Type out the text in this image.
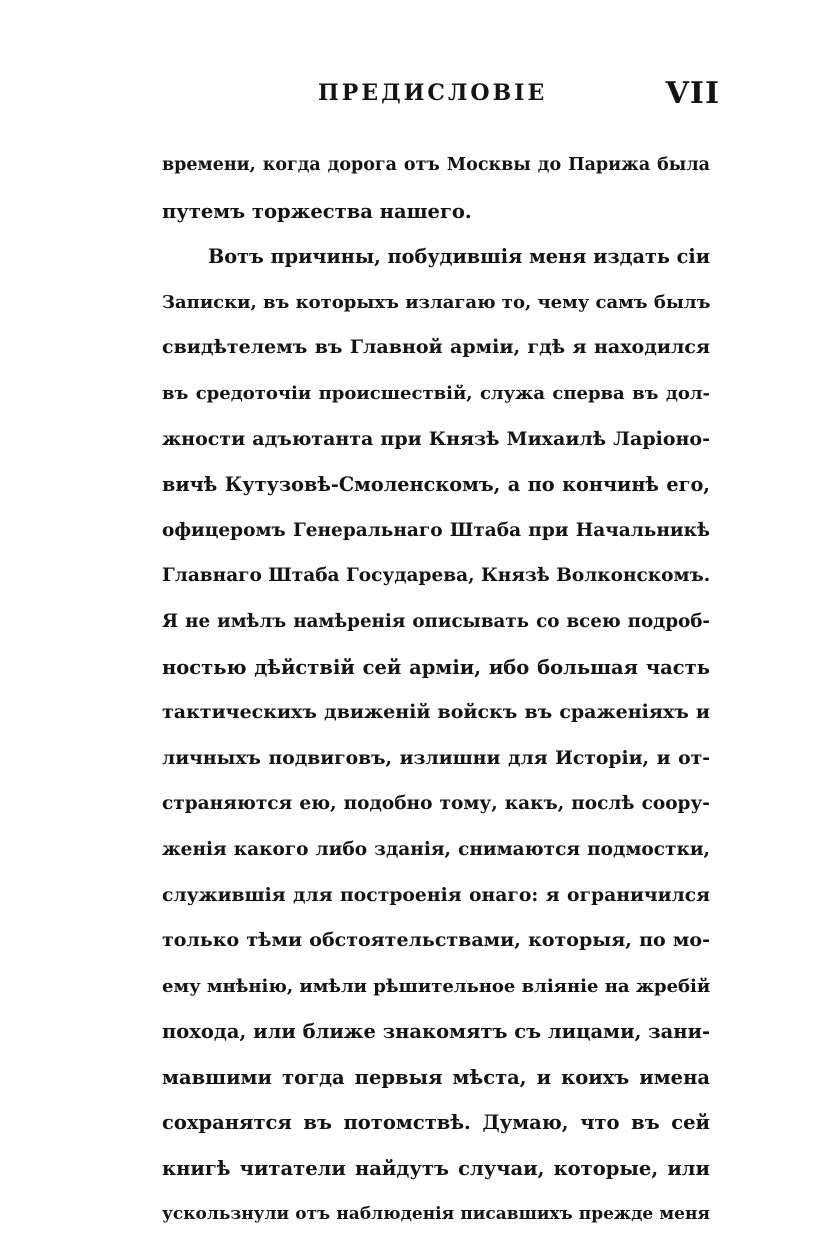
ПРЕДИСЛОВІЕ	VII
времени, когда дорога отъ Москвы до Парижа была
путемъ торжества нашего.
Вотъ причины, побудившія меня издать сіи
Записки, въ которыхъ излагаю то, чему самъ былъ
свидѣтелемъ въ Главной арміи, гдѣ я находился
въ средоточіи происшествій, служа сперва въ дол-
жности адъютанта при Князѣ Михаилѣ Ларіоно-
вичѣ Кутузовѣ-Смоленскомъ, а по кончинѣ его,
офицеромъ Генеральнаго Штаба при Начальникѣ
Главнаго Штаба Государева, Князѣ Волконскомъ.
Я не имѣлъ намѣренія описывать со всею подроб-
ностью дѣйствій сей арміи, ибо большая часть
тактическихъ движеній войскъ въ сраженіяхъ и
личныхъ подвиговъ, излишни для Исторіи, и от-
страняются ею, подобно тому, какъ, послѣ соору-
женія какого либо зданія, снимаются подмостки,
служившія для построенія онаго: я ограничился
только тѣми обстоятельствами, которыя, по мо-
ему мнѣнію, имѣли рѣшительное вліяніе на жребій
похода, или ближе знакомятъ съ лицами, зани-
мавшими тогда первыя мѣста, и коихъ имена
сохранятся въ потомствѣ. Думаю, что въ сей
книгѣ читатели найдутъ случаи, которые, или
ускользнули отъ наблюденія писавшихъ прежде меня
